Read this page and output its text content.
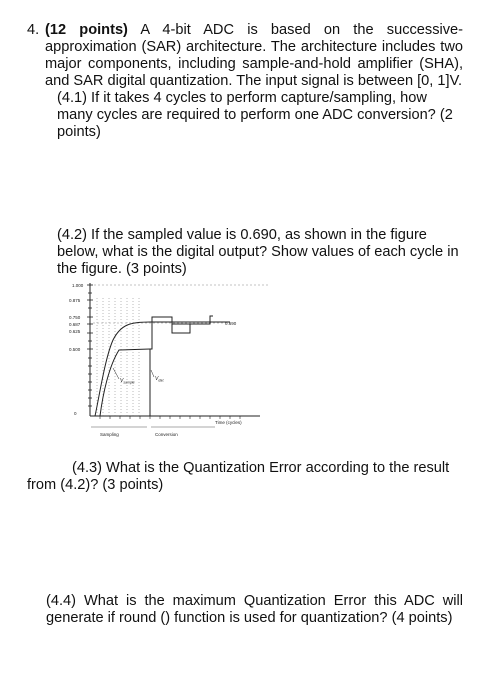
4. (12 points) A 4-bit ADC is based on the successive-
approximation (SAR) architecture. The architecture includes two
major components, including sample-and-hold amplifier (SHA),
and SAR digital quantization. The input signal is between [0, 1]V.
(4.1) If it takes 4 cycles to perform capture/sampling, how
many cycles are required to perform one ADC conversion? (2
points)
(4.2) If the sampled value is 0.690, as shown in the figure
below, what is the digital output? Show values of each cycle in
the figure. (3 points)
1.000
0.875
0.750
0.687
0.625
0.500
0
0.690
$V_{sample}$
$V_{dac}$
Time (cycles)
Sampling	Conversion
(4.3) What is the Quantization Error according to the result
from (4.2)? (3 points)
(4.4) What is the maximum Quantization Error this ADC will
generate if round () function is used for quantization? (4 points)
